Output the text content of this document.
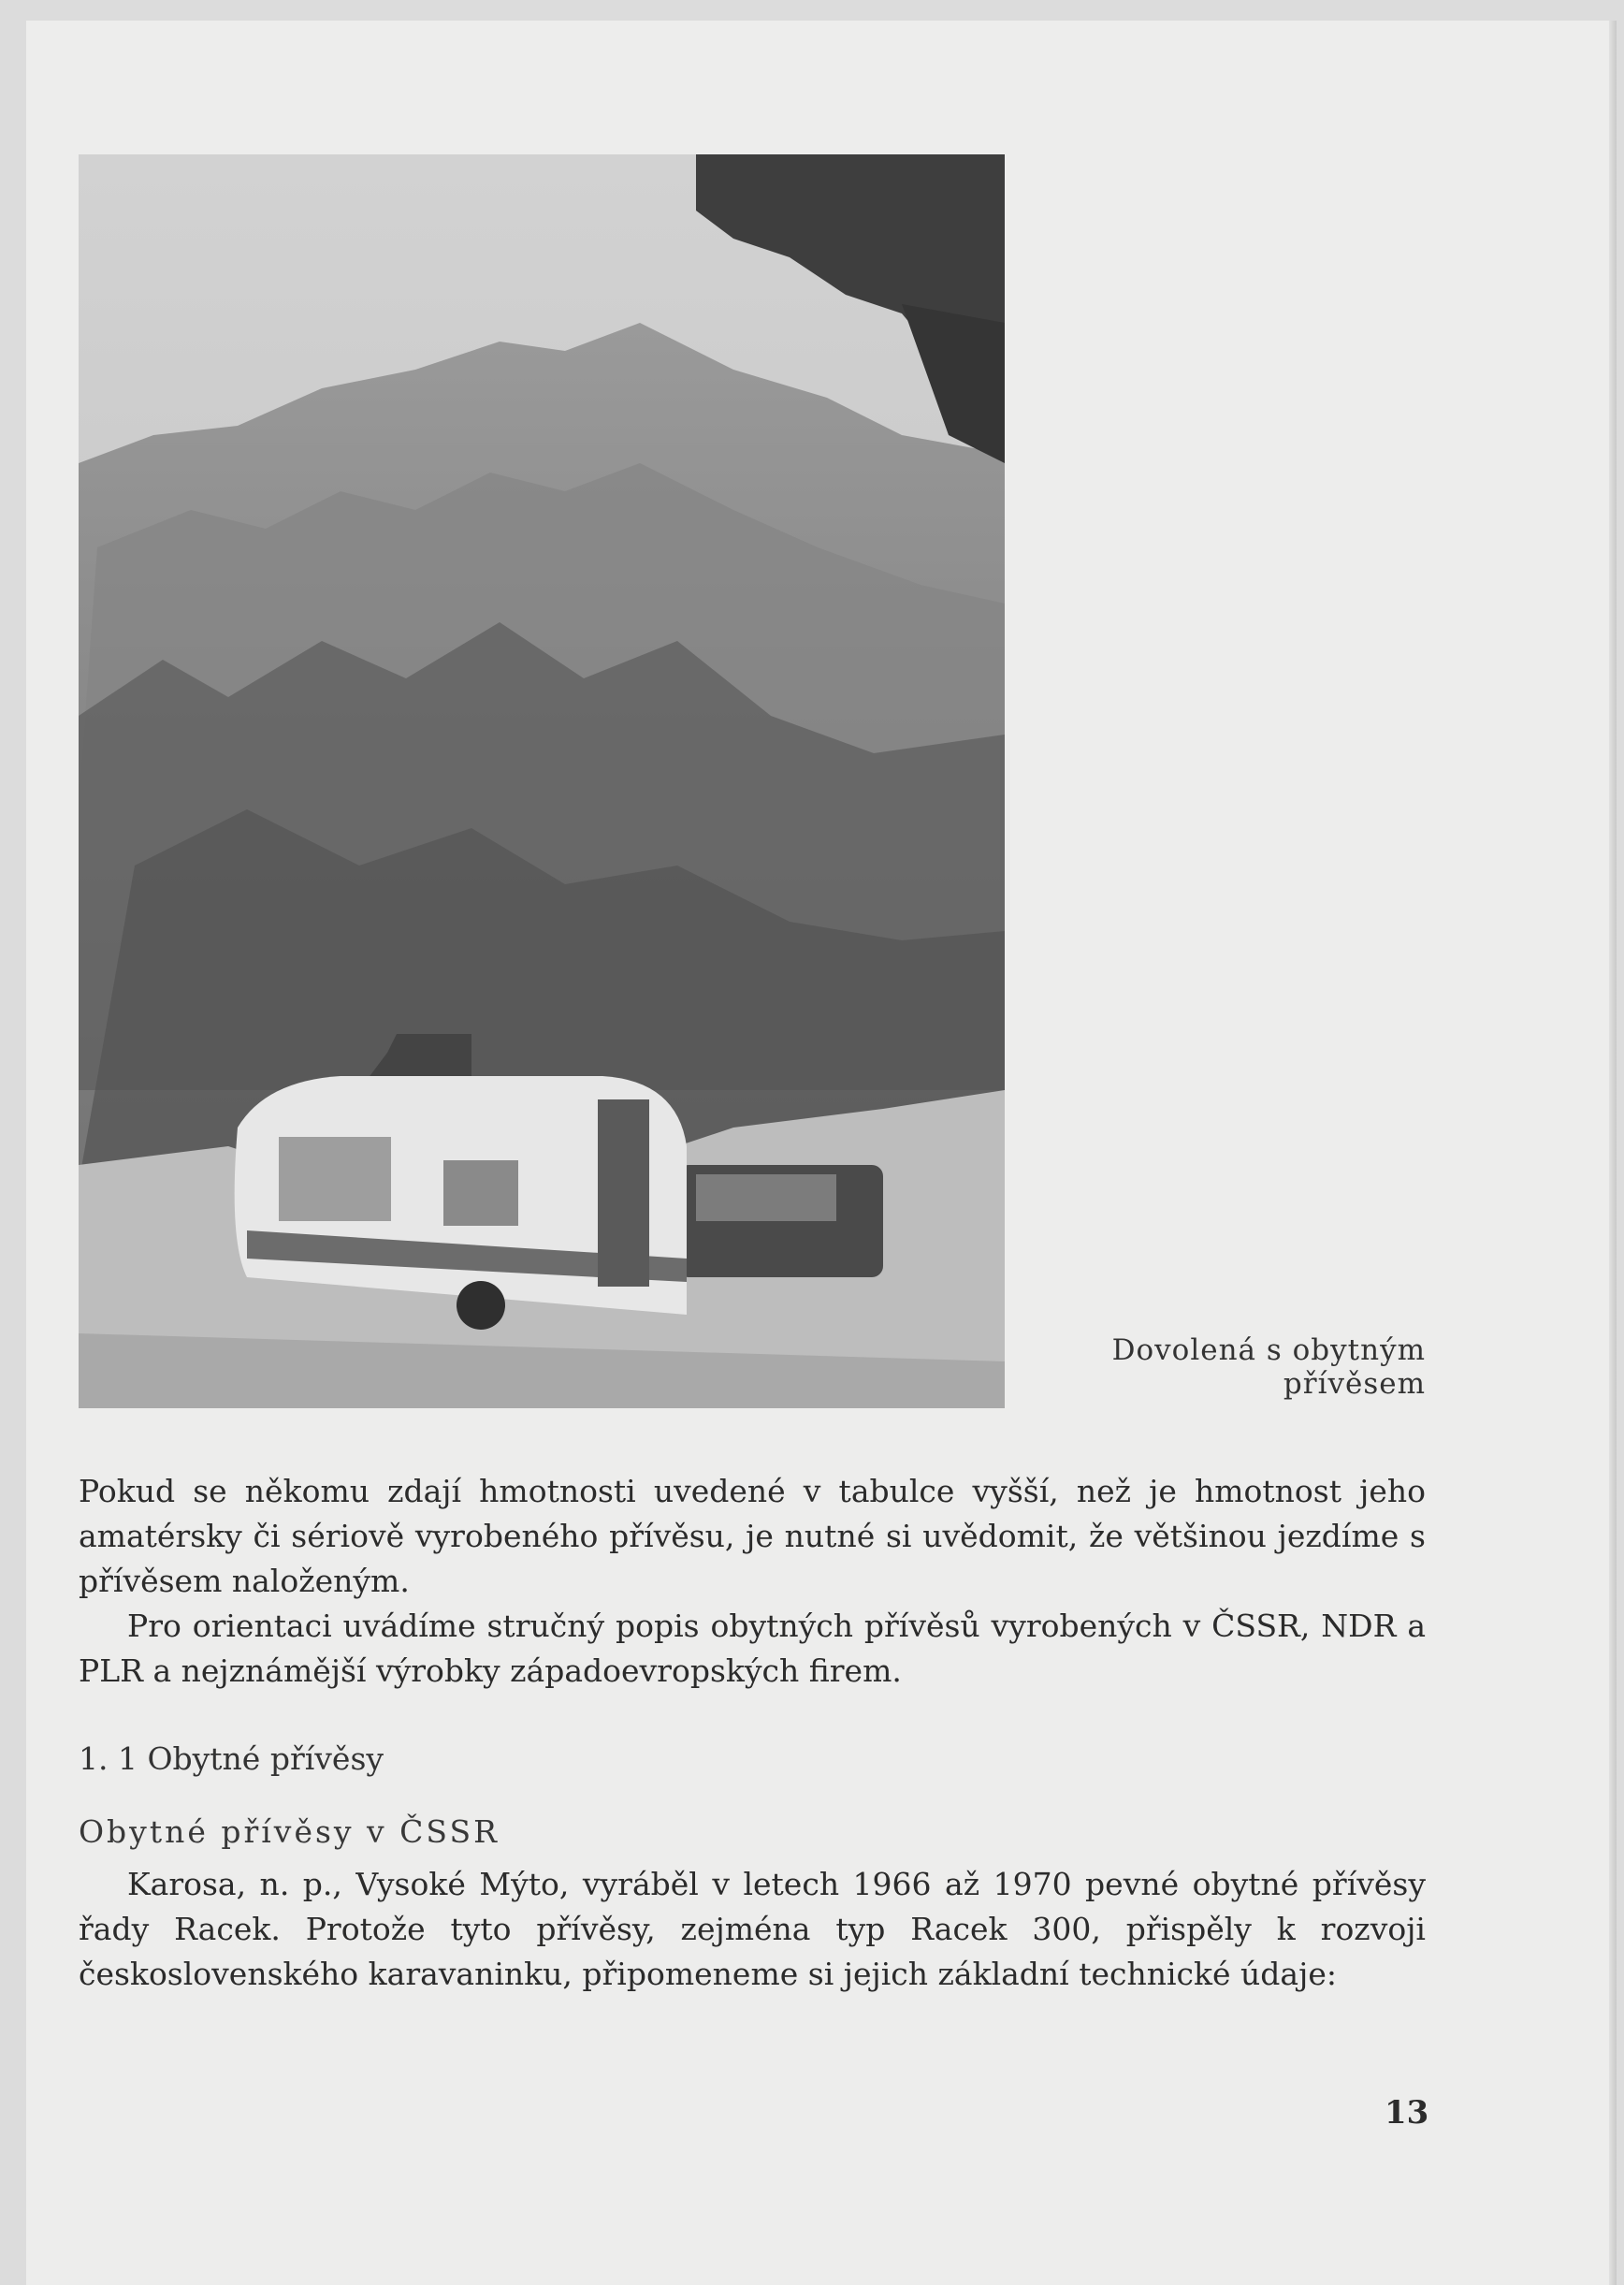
Dovolená s obytným
přívěsem

Pokud se někomu zdají hmotnosti uvedené v tabulce vyšší, než je hmotnost jeho amatérsky či sériově vyrobeného přívěsu, je nutné si uvědomit, že většinou jezdíme s přívěsem naloženým.

Pro orientaci uvádíme stručný popis obytných přívěsů vyrobených v ČSSR, NDR a PLR a nejznámější výrobky západoevropských firem.

1. 1 Obytné přívěsy
Obytné přívěsy v ČSSR

Karosa, n. p., Vysoké Mýto, vyráběl v letech 1966 až 1970 pevné obytné přívěsy řady Racek. Protože tyto přívěsy, zejména typ Racek 300, přispěly k rozvoji československého karavaninku, připomeneme si jejich základní technické údaje:

13
